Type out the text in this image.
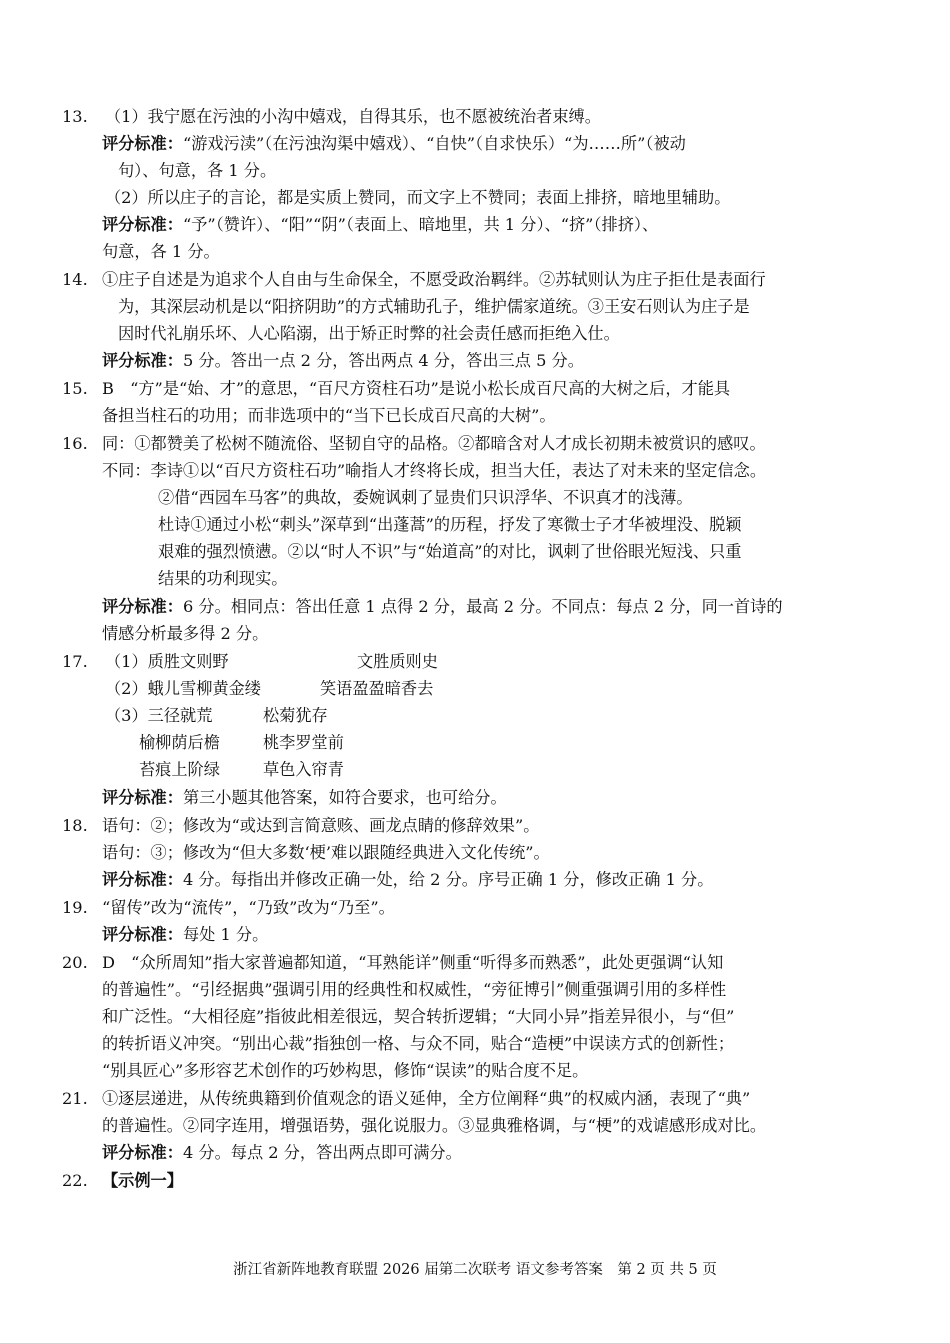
13. （1）我宁愿在污浊的小沟中嬉戏，自得其乐，也不愿被统治者束缚。
评分标准：“游戏污渎”（在污浊沟渠中嬉戏）、“自快”（自求快乐）“为……所”（被动
句）、句意，各 1 分。
（2）所以庄子的言论，都是实质上赞同，而文字上不赞同；表面上排挤，暗地里辅助。
评分标准：“予”（赞许）、“阳”“阴”（表面上、暗地里，共 1 分）、“挤”（排挤）、
句意，各 1 分。
14. ①庄子自述是为追求个人自由与生命保全，不愿受政治羁绊。②苏轼则认为庄子拒仕是表面行
为，其深层动机是以“阳挤阴助”的方式辅助孔子，维护儒家道统。③王安石则认为庄子是
因时代礼崩乐坏、人心陷溺，出于矫正时弊的社会责任感而拒绝入仕。
评分标准：5 分。答出一点 2 分，答出两点 4 分，答出三点 5 分。
15. B　“方”是“始、才”的意思，“百尺方资柱石功”是说小松长成百尺高的大树之后，才能具
备担当柱石的功用；而非选项中的“当下已长成百尺高的大树”。
16. 同：①都赞美了松树不随流俗、坚韧自守的品格。②都暗含对人才成长初期未被赏识的感叹。
不同：李诗①以“百尺方资柱石功”喻指人才终将长成，担当大任，表达了对未来的坚定信念。
②借“西园车马客”的典故，委婉讽刺了显贵们只识浮华、不识真才的浅薄。
杜诗①通过小松“刺头”深草到“出蓬蒿”的历程，抒发了寒微士子才华被埋没、脱颖
艰难的强烈愤懑。②以“时人不识”与“始道高”的对比，讽刺了世俗眼光短浅、只重
结果的功利现实。
评分标准：6 分。相同点：答出任意 1 点得 2 分，最高 2 分。不同点：每点 2 分，同一首诗的
情感分析最多得 2 分。
17. （1）质胜文则野	文胜质则史
（2）蛾儿雪柳黄金缕	笑语盈盈暗香去
（3）三径就荒	松菊犹存
榆柳荫后檐	桃李罗堂前
苔痕上阶绿	草色入帘青
评分标准：第三小题其他答案，如符合要求，也可给分。
18. 语句：②；修改为“或达到言简意赅、画龙点睛的修辞效果”。
语句：③；修改为“但大多数‘梗’难以跟随经典进入文化传统”。
评分标准：4 分。每指出并修改正确一处，给 2 分。序号正确 1 分，修改正确 1 分。
19. “留传”改为“流传”，“乃致”改为“乃至”。
评分标准：每处 1 分。
20. D　“众所周知”指大家普遍都知道，“耳熟能详”侧重“听得多而熟悉”，此处更强调“认知
的普遍性”。“引经据典”强调引用的经典性和权威性，“旁征博引”侧重强调引用的多样性
和广泛性。“大相径庭”指彼此相差很远，契合转折逻辑；“大同小异”指差异很小，与“但”
的转折语义冲突。“别出心裁”指独创一格、与众不同，贴合“造梗”中误读方式的创新性；
“别具匠心”多形容艺术创作的巧妙构思，修饰“误读”的贴合度不足。
21. ①逐层递进，从传统典籍到价值观念的语义延伸，全方位阐释“典”的权威内涵，表现了“典”
的普遍性。②同字连用，增强语势，强化说服力。③显典雅格调，与“梗”的戏谑感形成对比。
评分标准：4 分。每点 2 分，答出两点即可满分。
22. 【示例一】
浙江省新阵地教育联盟 2026 届第二次联考 语文参考答案　第 2 页 共 5 页
